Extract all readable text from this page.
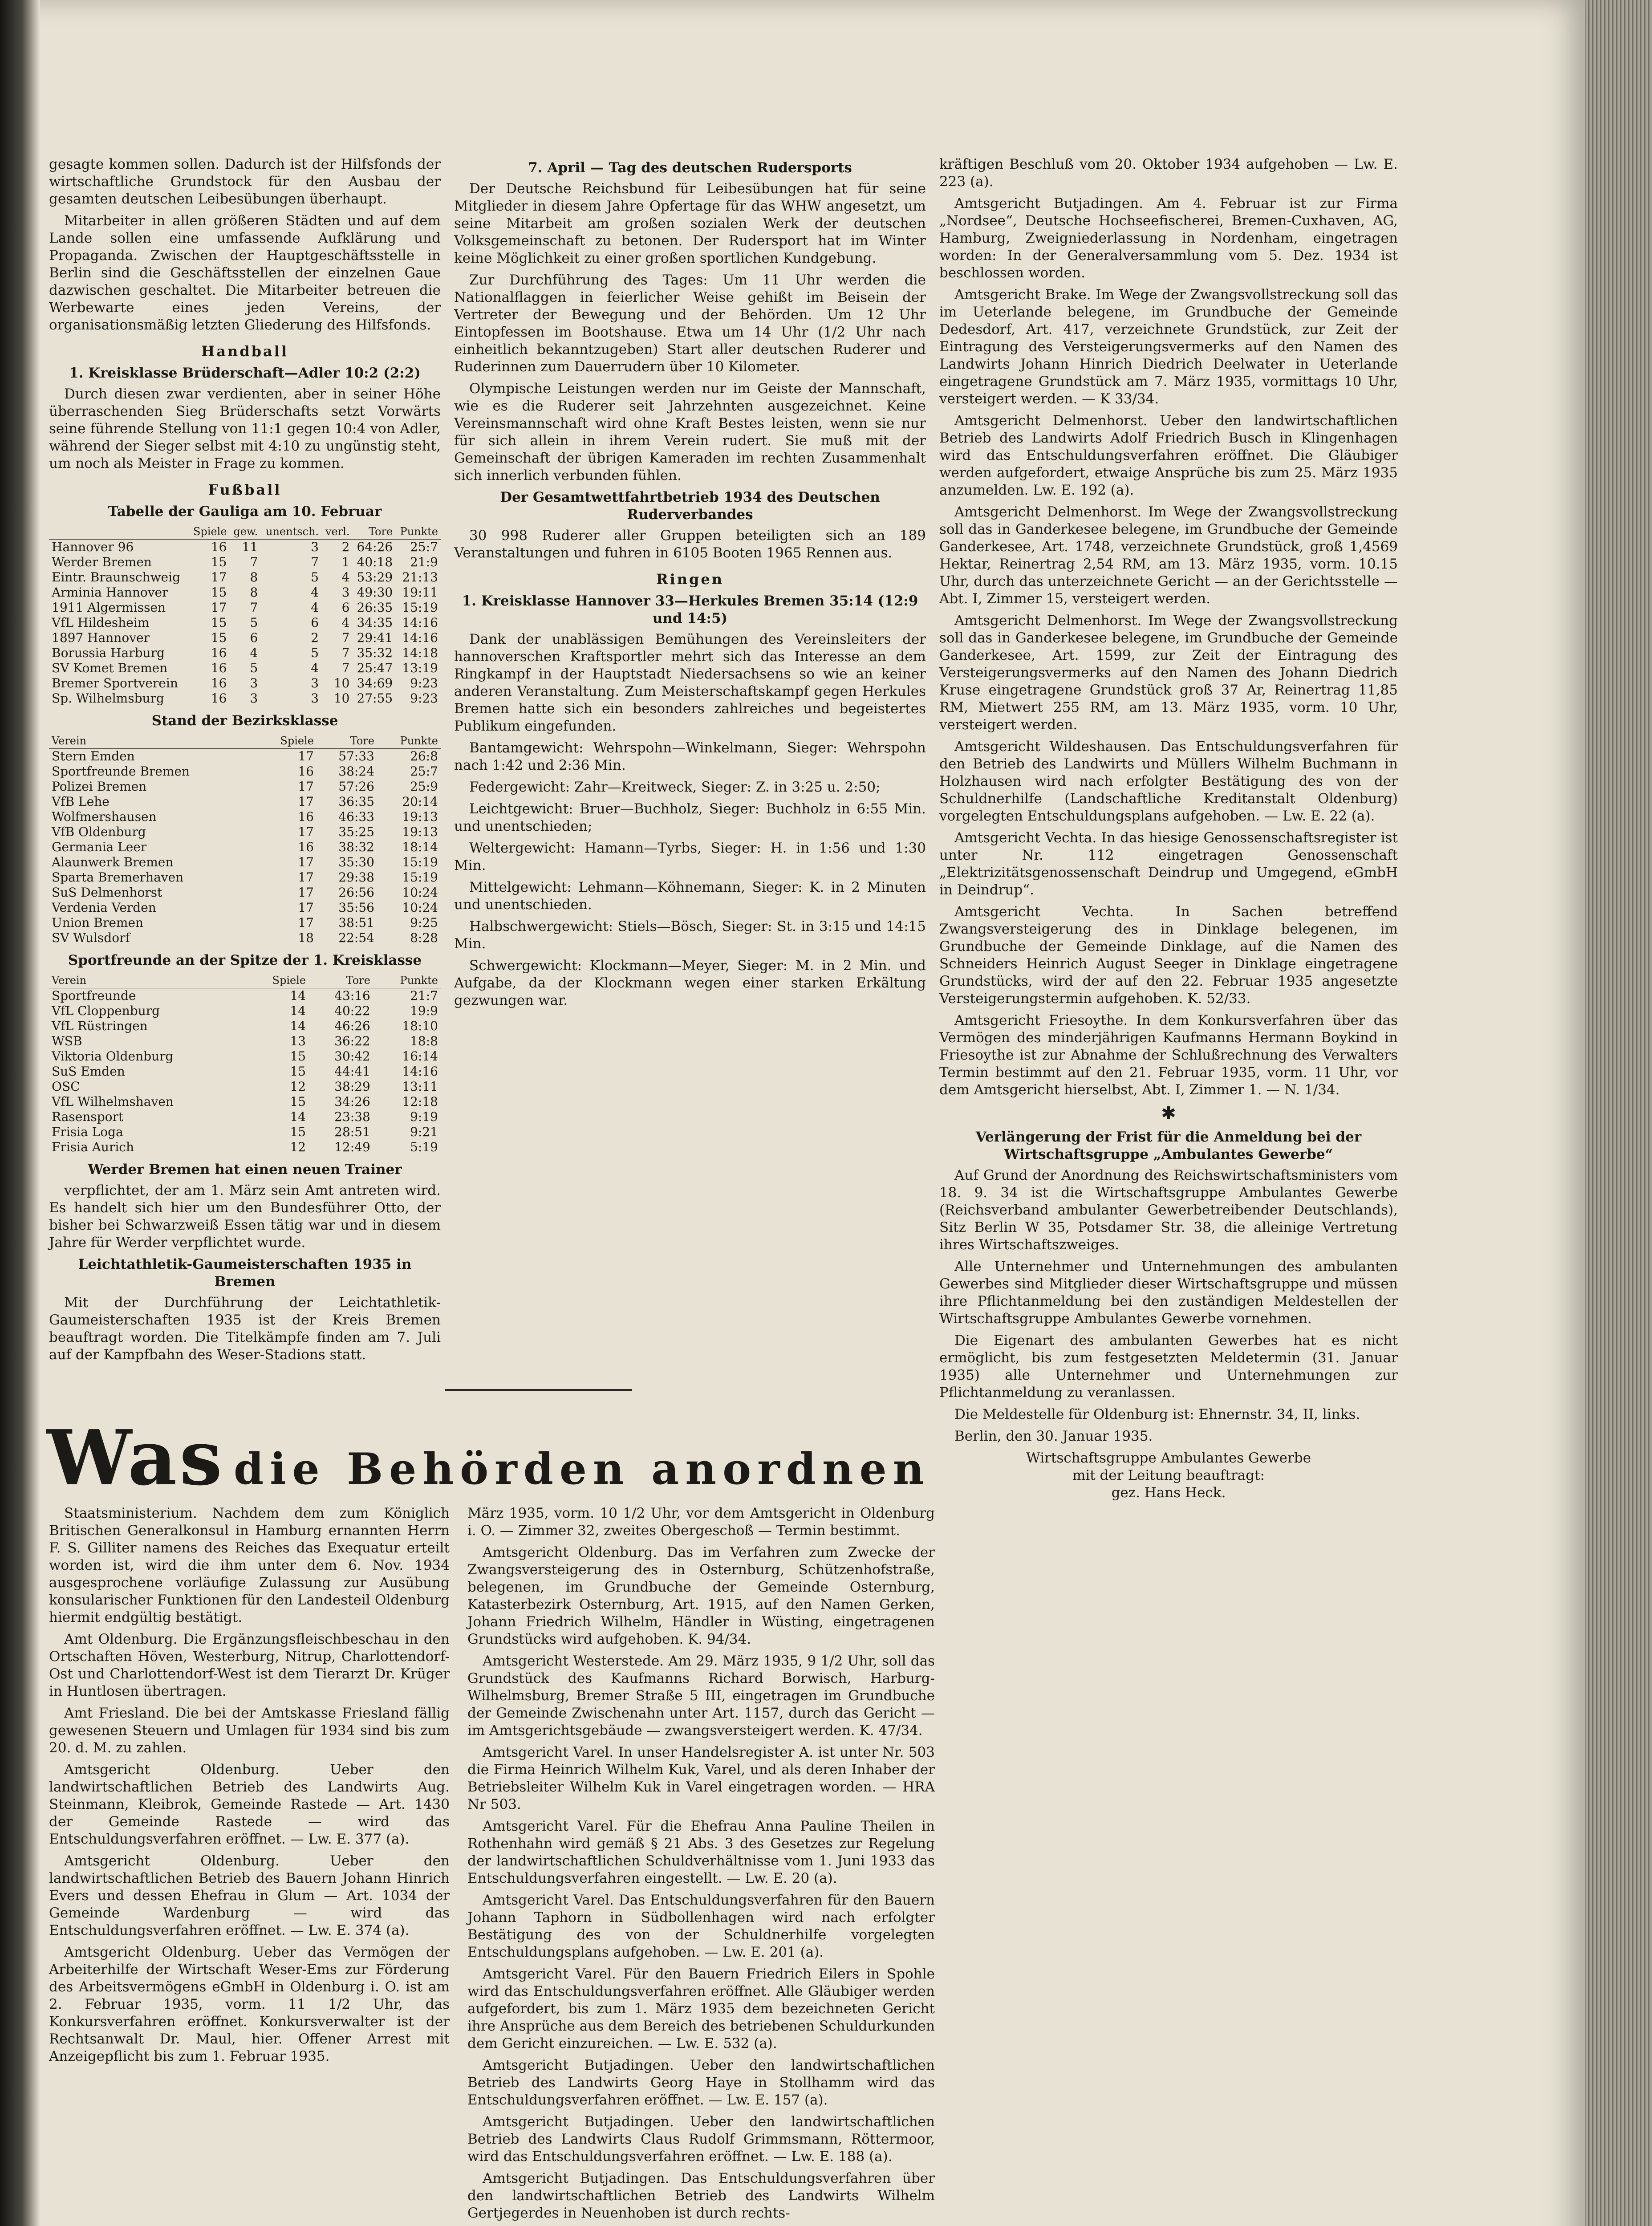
gesagte kommen sollen. Dadurch ist der Hilfsfonds der wirtschaftliche Grundstock für den Ausbau der gesamten deutschen Leibesübungen überhaupt.

Mitarbeiter in allen größeren Städten und auf dem Lande sollen eine umfassende Aufklärung und Propaganda. Zwischen der Hauptgeschäftsstelle in Berlin sind die Geschäftsstellen der einzelnen Gaue dazwischen geschaltet. Die Mitarbeiter betreuen die Werbewarte eines jeden Vereins, der organisationsmäßig letzten Gliederung des Hilfsfonds.

Handball
1. Kreisklasse Brüderschaft—Adler 10:2 (2:2)

Durch diesen zwar verdienten, aber in seiner Höhe überraschenden Sieg Brüderschafts setzt Vorwärts seine führende Stellung von 11:1 gegen 10:4 von Adler, während der Sieger selbst mit 4:10 zu ungünstig steht, um noch als Meister in Frage zu kommen.

Fußball
Tabelle der Gauliga am 10. Februar
	Spiele	gew.	unentsch.	verl.	Tore	Punkte
Hannover 96	16	11	3	2	64:26	25:7
Werder Bremen	15	7	7	1	40:18	21:9
Eintr. Braunschweig	17	8	5	4	53:29	21:13
Arminia Hannover	15	8	4	3	49:30	19:11
1911 Algermissen	17	7	4	6	26:35	15:19
VfL Hildesheim	15	5	6	4	34:35	14:16
1897 Hannover	15	6	2	7	29:41	14:16
Borussia Harburg	16	4	5	7	35:32	14:18
SV Komet Bremen	16	5	4	7	25:47	13:19
Bremer Sportverein	16	3	3	10	34:69	9:23
Sp. Wilhelmsburg	16	3	3	10	27:55	9:23
Stand der Bezirksklasse
Verein	Spiele	Tore	Punkte
Stern Emden	17	57:33	26:8
Sportfreunde Bremen	16	38:24	25:7
Polizei Bremen	17	57:26	25:9
VfB Lehe	17	36:35	20:14
Wolfmershausen	16	46:33	19:13
VfB Oldenburg	17	35:25	19:13
Germania Leer	16	38:32	18:14
Alaunwerk Bremen	17	35:30	15:19
Sparta Bremerhaven	17	29:38	15:19
SuS Delmenhorst	17	26:56	10:24
Verdenia Verden	17	35:56	10:24
Union Bremen	17	38:51	9:25
SV Wulsdorf	18	22:54	8:28
Sportfreunde an der Spitze der 1. Kreisklasse
Verein	Spiele	Tore	Punkte
Sportfreunde	14	43:16	21:7
VfL Cloppenburg	14	40:22	19:9
VfL Rüstringen	14	46:26	18:10
WSB	13	36:22	18:8
Viktoria Oldenburg	15	30:42	16:14
SuS Emden	15	44:41	14:16
OSC	12	38:29	13:11
VfL Wilhelmshaven	15	34:26	12:18
Rasensport	14	23:38	9:19
Frisia Loga	15	28:51	9:21
Frisia Aurich	12	12:49	5:19
Werder Bremen hat einen neuen Trainer

verpflichtet, der am 1. März sein Amt antreten wird. Es handelt sich hier um den Bundesführer Otto, der bisher bei Schwarzweiß Essen tätig war und in diesem Jahre für Werder verpflichtet wurde.

Leichtathletik-Gaumeisterschaften 1935 in Bremen

Mit der Durchführung der Leichtathletik-Gaumeisterschaften 1935 ist der Kreis Bremen beauftragt worden. Die Titelkämpfe finden am 7. Juli auf der Kampfbahn des Weser-Stadions statt.

7. April — Tag des deutschen Rudersports

Der Deutsche Reichsbund für Leibesübungen hat für seine Mitglieder in diesem Jahre Opfertage für das WHW angesetzt, um seine Mitarbeit am großen sozialen Werk der deutschen Volksgemeinschaft zu betonen. Der Rudersport hat im Winter keine Möglichkeit zu einer großen sportlichen Kundgebung.

Zur Durchführung des Tages: Um 11 Uhr werden die Nationalflaggen in feierlicher Weise gehißt im Beisein der Vertreter der Bewegung und der Behörden. Um 12 Uhr Eintopfessen im Bootshause. Etwa um 14 Uhr (1/2 Uhr nach einheitlich bekanntzugeben) Start aller deutschen Ruderer und Ruderinnen zum Dauerrudern über 10 Kilometer.

Olympische Leistungen werden nur im Geiste der Mannschaft, wie es die Ruderer seit Jahrzehnten ausgezeichnet. Keine Vereinsmannschaft wird ohne Kraft Bestes leisten, wenn sie nur für sich allein in ihrem Verein rudert. Sie muß mit der Gemeinschaft der übrigen Kameraden im rechten Zusammenhalt sich innerlich verbunden fühlen.

Der Gesamtwettfahrtbetrieb 1934 des Deutschen Ruderverbandes

30 998 Ruderer aller Gruppen beteiligten sich an 189 Veranstaltungen und fuhren in 6105 Booten 1965 Rennen aus.

Ringen
1. Kreisklasse Hannover 33—Herkules Bremen 35:14 (12:9 und 14:5)

Dank der unablässigen Bemühungen des Vereinsleiters der hannoverschen Kraftsportler mehrt sich das Interesse an dem Ringkampf in der Hauptstadt Niedersachsens so wie an keiner anderen Veranstaltung. Zum Meisterschaftskampf gegen Herkules Bremen hatte sich ein besonders zahlreiches und begeistertes Publikum eingefunden.

Bantamgewicht: Wehrspohn—Winkelmann, Sieger: Wehrspohn nach 1:42 und 2:36 Min.

Federgewicht: Zahr—Kreitweck, Sieger: Z. in 3:25 u. 2:50;

Leichtgewicht: Bruer—Buchholz, Sieger: Buchholz in 6:55 Min. und unentschieden;

Weltergewicht: Hamann—Tyrbs, Sieger: H. in 1:56 und 1:30 Min.

Mittelgewicht: Lehmann—Köhnemann, Sieger: K. in 2 Minuten und unentschieden.

Halbschwergewicht: Stiels—Bösch, Sieger: St. in 3:15 und 14:15 Min.

Schwergewicht: Klockmann—Meyer, Sieger: M. in 2 Min. und Aufgabe, da der Klockmann wegen einer starken Erkältung gezwungen war.

kräftigen Beschluß vom 20. Oktober 1934 aufgehoben — Lw. E. 223 (a).

Amtsgericht Butjadingen. Am 4. Februar ist zur Firma „Nordsee“, Deutsche Hochseefischerei, Bremen-Cuxhaven, AG, Hamburg, Zweigniederlassung in Nordenham, eingetragen worden: In der Generalversammlung vom 5. Dez. 1934 ist beschlossen worden.

Amtsgericht Brake. Im Wege der Zwangsvollstreckung soll das im Ueterlande belegene, im Grundbuche der Gemeinde Dedesdorf, Art. 417, verzeichnete Grundstück, zur Zeit der Eintragung des Versteigerungsvermerks auf den Namen des Landwirts Johann Hinrich Diedrich Deelwater in Ueterlande eingetragene Grundstück am 7. März 1935, vormittags 10 Uhr, versteigert werden. — K 33/34.

Amtsgericht Delmenhorst. Ueber den landwirtschaftlichen Betrieb des Landwirts Adolf Friedrich Busch in Klingenhagen wird das Entschuldungsverfahren eröffnet. Die Gläubiger werden aufgefordert, etwaige Ansprüche bis zum 25. März 1935 anzumelden. Lw. E. 192 (a).

Amtsgericht Delmenhorst. Im Wege der Zwangsvollstreckung soll das in Ganderkesee belegene, im Grundbuche der Gemeinde Ganderkesee, Art. 1748, verzeichnete Grundstück, groß 1,4569 Hektar, Reinertrag 2,54 RM, am 13. März 1935, vorm. 10.15 Uhr, durch das unterzeichnete Gericht — an der Gerichtsstelle — Abt. I, Zimmer 15, versteigert werden.

Amtsgericht Delmenhorst. Im Wege der Zwangsvollstreckung soll das in Ganderkesee belegene, im Grundbuche der Gemeinde Ganderkesee, Art. 1599, zur Zeit der Eintragung des Versteigerungsvermerks auf den Namen des Johann Diedrich Kruse eingetragene Grundstück groß 37 Ar, Reinertrag 11,85 RM, Mietwert 255 RM, am 13. März 1935, vorm. 10 Uhr, versteigert werden.

Amtsgericht Wildeshausen. Das Entschuldungsverfahren für den Betrieb des Landwirts und Müllers Wilhelm Buchmann in Holzhausen wird nach erfolgter Bestätigung des von der Schuldnerhilfe (Landschaftliche Kreditanstalt Oldenburg) vorgelegten Entschuldungsplans aufgehoben. — Lw. E. 22 (a).

Amtsgericht Vechta. In das hiesige Genossenschaftsregister ist unter Nr. 112 eingetragen Genossenschaft „Elektrizitätsgenossenschaft Deindrup und Umgegend, eGmbH in Deindrup“.

Amtsgericht Vechta. In Sachen betreffend Zwangsversteigerung des in Dinklage belegenen, im Grundbuche der Gemeinde Dinklage, auf die Namen des Schneiders Heinrich August Seeger in Dinklage eingetragene Grundstücks, wird der auf den 22. Februar 1935 angesetzte Versteigerungstermin aufgehoben. K. 52/33.

Amtsgericht Friesoythe. In dem Konkursverfahren über das Vermögen des minderjährigen Kaufmanns Hermann Boykind in Friesoythe ist zur Abnahme der Schlußrechnung des Verwalters Termin bestimmt auf den 21. Februar 1935, vorm. 11 Uhr, vor dem Amtsgericht hierselbst, Abt. I, Zimmer 1. — N. 1/34.

✱
Verlängerung der Frist für die Anmeldung bei der Wirtschaftsgruppe „Ambulantes Gewerbe“

Auf Grund der Anordnung des Reichswirtschaftsministers vom 18. 9. 34 ist die Wirtschaftsgruppe Ambulantes Gewerbe (Reichsverband ambulanter Gewerbetreibender Deutschlands), Sitz Berlin W 35, Potsdamer Str. 38, die alleinige Vertretung ihres Wirtschaftszweiges.

Alle Unternehmer und Unternehmungen des ambulanten Gewerbes sind Mitglieder dieser Wirtschaftsgruppe und müssen ihre Pflichtanmeldung bei den zuständigen Meldestellen der Wirtschaftsgruppe Ambulantes Gewerbe vornehmen.

Die Eigenart des ambulanten Gewerbes hat es nicht ermöglicht, bis zum festgesetzten Meldetermin (31. Januar 1935) alle Unternehmer und Unternehmungen zur Pflichtanmeldung zu veranlassen.

Die Meldestelle für Oldenburg ist: Ehnernstr. 34, II, links.

Berlin, den 30. Januar 1935.

Wirtschaftsgruppe Ambulantes Gewerbe
mit der Leitung beauftragt:
gez. Hans Heck.
Was die Behörden anordnen

Staatsministerium. Nachdem dem zum Königlich Britischen Generalkonsul in Hamburg ernannten Herrn F. S. Gilliter namens des Reiches das Exequatur erteilt worden ist, wird die ihm unter dem 6. Nov. 1934 ausgesprochene vorläufige Zulassung zur Ausübung konsularischer Funktionen für den Landesteil Oldenburg hiermit endgültig bestätigt.

Amt Oldenburg. Die Ergänzungsfleischbeschau in den Ortschaften Höven, Westerburg, Nitrup, Charlottendorf-Ost und Charlottendorf-West ist dem Tierarzt Dr. Krüger in Huntlosen übertragen.

Amt Friesland. Die bei der Amtskasse Friesland fällig gewesenen Steuern und Umlagen für 1934 sind bis zum 20. d. M. zu zahlen.

Amtsgericht Oldenburg. Ueber den landwirtschaftlichen Betrieb des Landwirts Aug. Steinmann, Kleibrok, Gemeinde Rastede — Art. 1430 der Gemeinde Rastede — wird das Entschuldungsverfahren eröffnet. — Lw. E. 377 (a).

Amtsgericht Oldenburg. Ueber den landwirtschaftlichen Betrieb des Bauern Johann Hinrich Evers und dessen Ehefrau in Glum — Art. 1034 der Gemeinde Wardenburg — wird das Entschuldungsverfahren eröffnet. — Lw. E. 374 (a).

Amtsgericht Oldenburg. Ueber das Vermögen der Arbeiterhilfe der Wirtschaft Weser-Ems zur Förderung des Arbeitsvermögens eGmbH in Oldenburg i. O. ist am 2. Februar 1935, vorm. 11 1/2 Uhr, das Konkursverfahren eröffnet. Konkursverwalter ist der Rechtsanwalt Dr. Maul, hier. Offener Arrest mit Anzeigepflicht bis zum 1. Februar 1935.

März 1935, vorm. 10 1/2 Uhr, vor dem Amtsgericht in Oldenburg i. O. — Zimmer 32, zweites Obergeschoß — Termin bestimmt.

Amtsgericht Oldenburg. Das im Verfahren zum Zwecke der Zwangsversteigerung des in Osternburg, Schützenhofstraße, belegenen, im Grundbuche der Gemeinde Osternburg, Katasterbezirk Osternburg, Art. 1915, auf den Namen Gerken, Johann Friedrich Wilhelm, Händler in Wüsting, eingetragenen Grundstücks wird aufgehoben. K. 94/34.

Amtsgericht Westerstede. Am 29. März 1935, 9 1/2 Uhr, soll das Grundstück des Kaufmanns Richard Borwisch, Harburg-Wilhelmsburg, Bremer Straße 5 III, eingetragen im Grundbuche der Gemeinde Zwischenahn unter Art. 1157, durch das Gericht — im Amtsgerichtsgebäude — zwangsversteigert werden. K. 47/34.

Amtsgericht Varel. In unser Handelsregister A. ist unter Nr. 503 die Firma Heinrich Wilhelm Kuk, Varel, und als deren Inhaber der Betriebsleiter Wilhelm Kuk in Varel eingetragen worden. — HRA Nr 503.

Amtsgericht Varel. Für die Ehefrau Anna Pauline Theilen in Rothenhahn wird gemäß § 21 Abs. 3 des Gesetzes zur Regelung der landwirtschaftlichen Schuldverhältnisse vom 1. Juni 1933 das Entschuldungsverfahren eingestellt. — Lw. E. 20 (a).

Amtsgericht Varel. Das Entschuldungsverfahren für den Bauern Johann Taphorn in Südbollenhagen wird nach erfolgter Bestätigung des von der Schuldnerhilfe vorgelegten Entschuldungsplans aufgehoben. — Lw. E. 201 (a).

Amtsgericht Varel. Für den Bauern Friedrich Eilers in Spohle wird das Entschuldungsverfahren eröffnet. Alle Gläubiger werden aufgefordert, bis zum 1. März 1935 dem bezeichneten Gericht ihre Ansprüche aus dem Bereich des betriebenen Schuldurkunden dem Gericht einzureichen. — Lw. E. 532 (a).

Amtsgericht Butjadingen. Ueber den landwirtschaftlichen Betrieb des Landwirts Georg Haye in Stollhamm wird das Entschuldungsverfahren eröffnet. — Lw. E. 157 (a).

Amtsgericht Butjadingen. Ueber den landwirtschaftlichen Betrieb des Landwirts Claus Rudolf Grimmsmann, Röttermoor, wird das Entschuldungsverfahren eröffnet. — Lw. E. 188 (a).

Amtsgericht Butjadingen. Das Entschuldungsverfahren über den landwirtschaftlichen Betrieb des Landwirts Wilhelm Gertjegerdes in Neuenhoben ist durch rechts-
